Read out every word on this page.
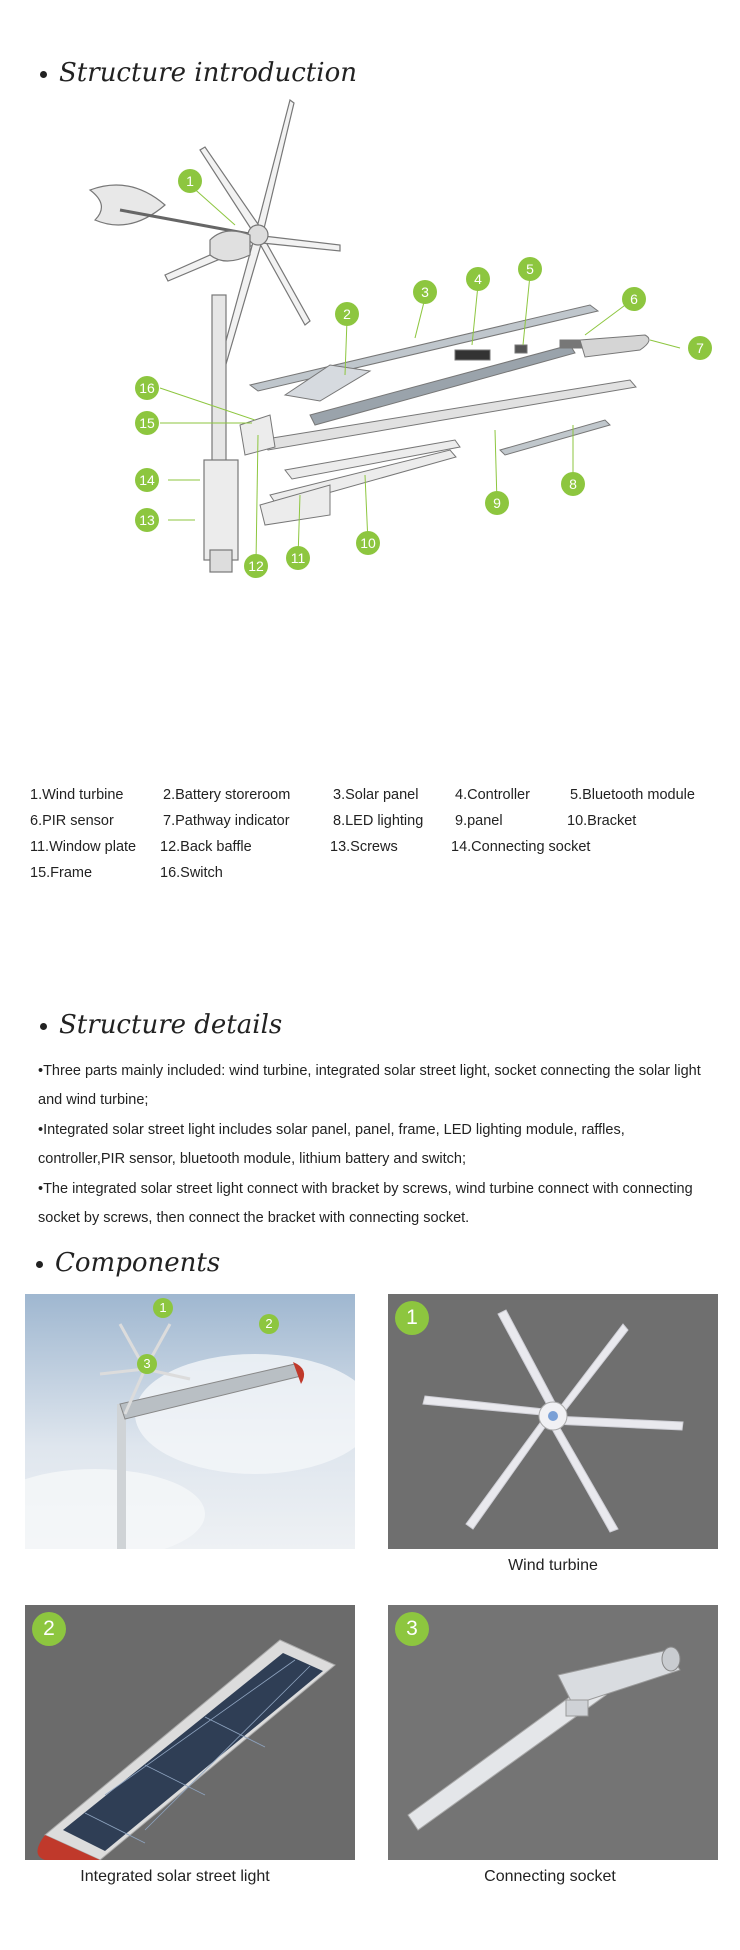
Structure introduction
1
2
3
4
5
6
7
8
9
10
11
12
13
14
15
16
1.Wind turbine	2.Battery storeroom	3.Solar panel	4.Controller	5.Bluetooth module
6.PIR sensor	7.Pathway indicator	8.LED lighting 9.panel	10.Bracket
11.Window plate 12.Back baffle	13.Screws	14.Connecting socket
15.Frame	16.Switch
Structure details
•Three parts mainly included: wind turbine, integrated solar street light, socket connecting the solar light and wind turbine;
•Integrated solar street light includes solar panel, panel, frame, LED lighting module, raffles, controller,PIR sensor, bluetooth module, lithium battery and switch;
•The integrated solar street light connect with bracket by screws, wind turbine connect with connecting socket by screws, then connect the bracket with connecting socket.
Components
1
2
3
1
Wind turbine
2
Integrated solar street light
3
Connecting socket
